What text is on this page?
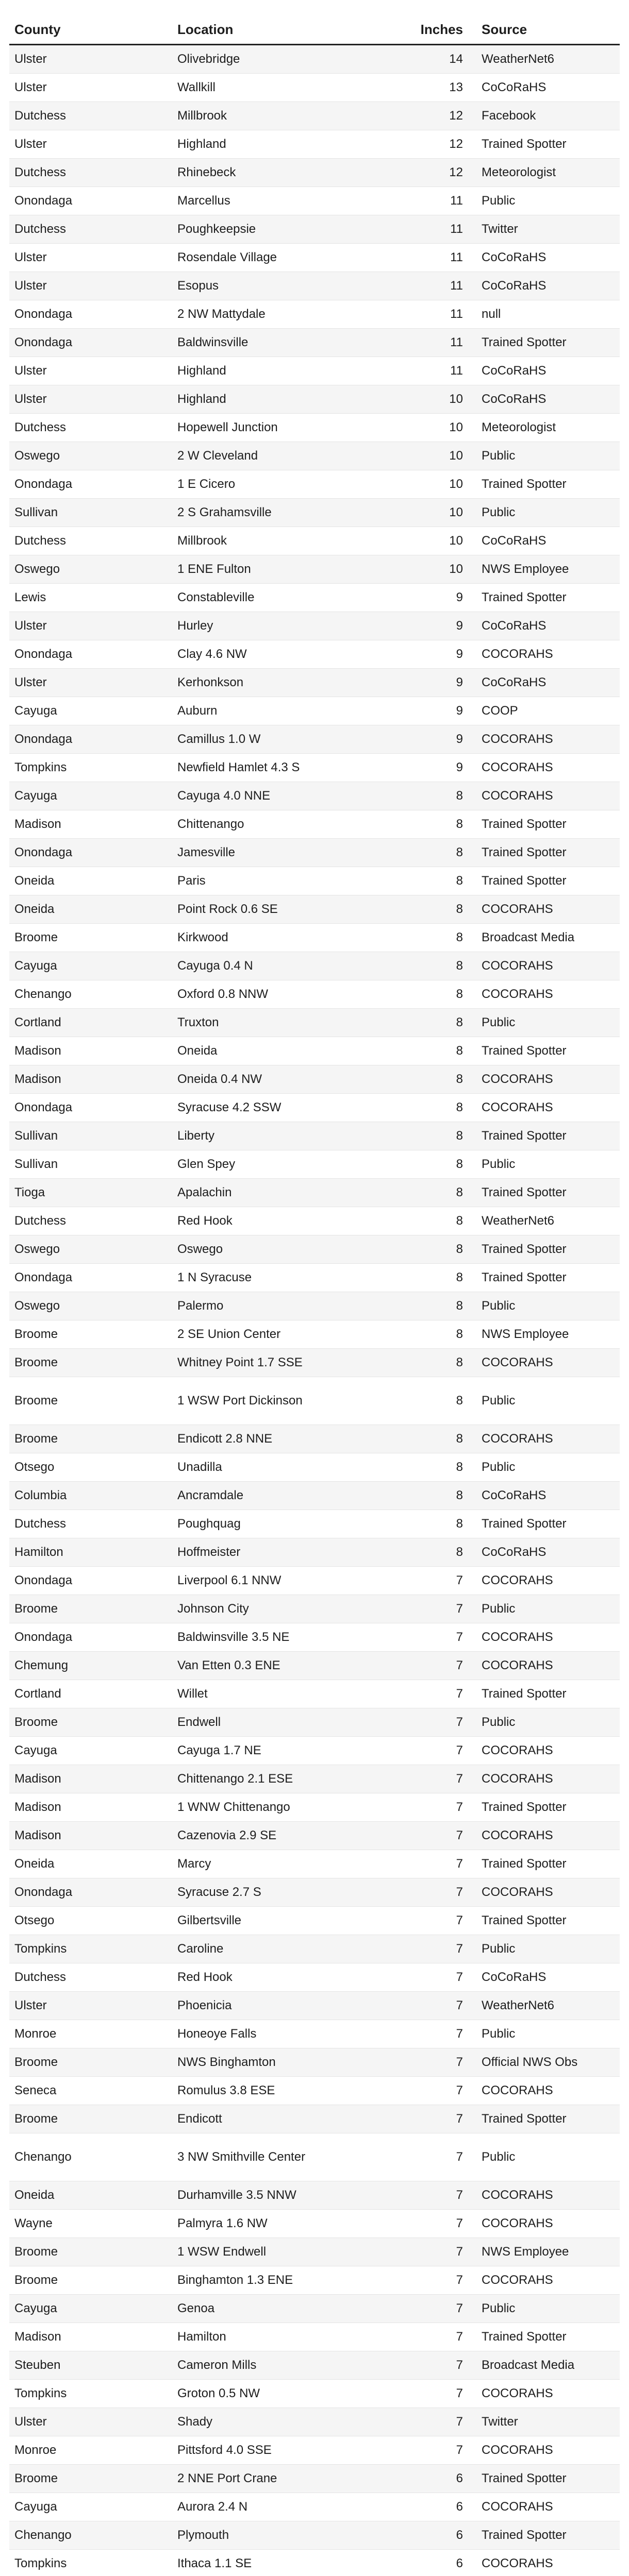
County	Location	Inches	Source
Ulster	Olivebridge	14	WeatherNet6
Ulster	Wallkill	13	CoCoRaHS
Dutchess	Millbrook	12	Facebook
Ulster	Highland	12	Trained Spotter
Dutchess	Rhinebeck	12	Meteorologist
Onondaga	Marcellus	11	Public
Dutchess	Poughkeepsie	11	Twitter
Ulster	Rosendale Village	11	CoCoRaHS
Ulster	Esopus	11	CoCoRaHS
Onondaga	2 NW Mattydale	11	null
Onondaga	Baldwinsville	11	Trained Spotter
Ulster	Highland	11	CoCoRaHS
Ulster	Highland	10	CoCoRaHS
Dutchess	Hopewell Junction	10	Meteorologist
Oswego	2 W Cleveland	10	Public
Onondaga	1 E Cicero	10	Trained Spotter
Sullivan	2 S Grahamsville	10	Public
Dutchess	Millbrook	10	CoCoRaHS
Oswego	1 ENE Fulton	10	NWS Employee
Lewis	Constableville	9	Trained Spotter
Ulster	Hurley	9	CoCoRaHS
Onondaga	Clay 4.6 NW	9	COCORAHS
Ulster	Kerhonkson	9	CoCoRaHS
Cayuga	Auburn	9	COOP
Onondaga	Camillus 1.0 W	9	COCORAHS
Tompkins	Newfield Hamlet 4.3 S	9	COCORAHS
Cayuga	Cayuga 4.0 NNE	8	COCORAHS
Madison	Chittenango	8	Trained Spotter
Onondaga	Jamesville	8	Trained Spotter
Oneida	Paris	8	Trained Spotter
Oneida	Point Rock 0.6 SE	8	COCORAHS
Broome	Kirkwood	8	Broadcast Media
Cayuga	Cayuga 0.4 N	8	COCORAHS
Chenango	Oxford 0.8 NNW	8	COCORAHS
Cortland	Truxton	8	Public
Madison	Oneida	8	Trained Spotter
Madison	Oneida 0.4 NW	8	COCORAHS
Onondaga	Syracuse 4.2 SSW	8	COCORAHS
Sullivan	Liberty	8	Trained Spotter
Sullivan	Glen Spey	8	Public
Tioga	Apalachin	8	Trained Spotter
Dutchess	Red Hook	8	WeatherNet6
Oswego	Oswego	8	Trained Spotter
Onondaga	1 N Syracuse	8	Trained Spotter
Oswego	Palermo	8	Public
Broome	2 SE Union Center	8	NWS Employee
Broome	Whitney Point 1.7 SSE	8	COCORAHS
Broome	1 WSW Port Dickinson	8	Public
Broome	Endicott 2.8 NNE	8	COCORAHS
Otsego	Unadilla	8	Public
Columbia	Ancramdale	8	CoCoRaHS
Dutchess	Poughquag	8	Trained Spotter
Hamilton	Hoffmeister	8	CoCoRaHS
Onondaga	Liverpool 6.1 NNW	7	COCORAHS
Broome	Johnson City	7	Public
Onondaga	Baldwinsville 3.5 NE	7	COCORAHS
Chemung	Van Etten 0.3 ENE	7	COCORAHS
Cortland	Willet	7	Trained Spotter
Broome	Endwell	7	Public
Cayuga	Cayuga 1.7 NE	7	COCORAHS
Madison	Chittenango 2.1 ESE	7	COCORAHS
Madison	1 WNW Chittenango	7	Trained Spotter
Madison	Cazenovia 2.9 SE	7	COCORAHS
Oneida	Marcy	7	Trained Spotter
Onondaga	Syracuse 2.7 S	7	COCORAHS
Otsego	Gilbertsville	7	Trained Spotter
Tompkins	Caroline	7	Public
Dutchess	Red Hook	7	CoCoRaHS
Ulster	Phoenicia	7	WeatherNet6
Monroe	Honeoye Falls	7	Public
Broome	NWS Binghamton	7	Official NWS Obs
Seneca	Romulus 3.8 ESE	7	COCORAHS
Broome	Endicott	7	Trained Spotter
Chenango	3 NW Smithville Center	7	Public
Oneida	Durhamville 3.5 NNW	7	COCORAHS
Wayne	Palmyra 1.6 NW	7	COCORAHS
Broome	1 WSW Endwell	7	NWS Employee
Broome	Binghamton 1.3 ENE	7	COCORAHS
Cayuga	Genoa	7	Public
Madison	Hamilton	7	Trained Spotter
Steuben	Cameron Mills	7	Broadcast Media
Tompkins	Groton 0.5 NW	7	COCORAHS
Ulster	Shady	7	Twitter
Monroe	Pittsford 4.0 SSE	7	COCORAHS
Broome	2 NNE Port Crane	6	Trained Spotter
Cayuga	Aurora 2.4 N	6	COCORAHS
Chenango	Plymouth	6	Trained Spotter
Tompkins	Ithaca 1.1 SE	6	COCORAHS
